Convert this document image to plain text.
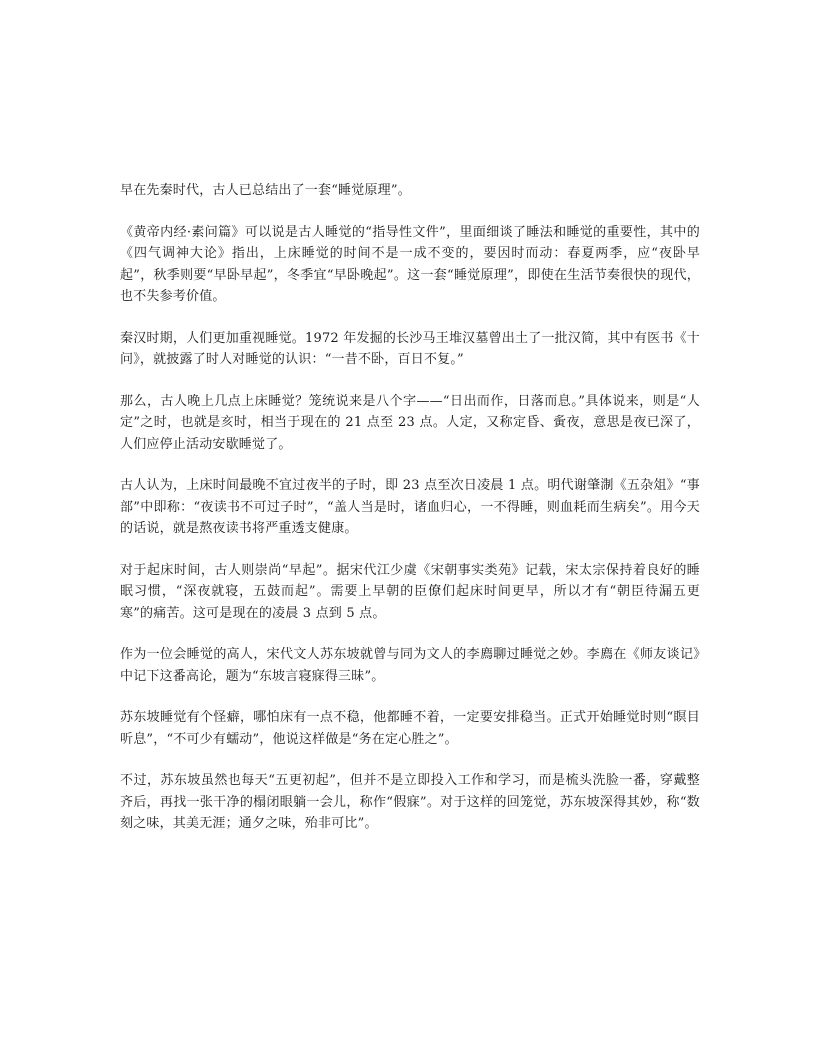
早在先秦时代，古人已总结出了一套“睡觉原理”。

《黄帝内经·素问篇》可以说是古人睡觉的“指导性文件”，里面细谈了睡法和睡觉的重要性，其中的《四气调神大论》指出，上床睡觉的时间不是一成不变的，要因时而动：春夏两季，应“夜卧早起”，秋季则要“早卧早起”，冬季宜“早卧晚起”。这一套“睡觉原理”，即使在生活节奏很快的现代，也不失参考价值。

秦汉时期，人们更加重视睡觉。1972 年发掘的长沙马王堆汉墓曾出土了一批汉简，其中有医书《十问》，就披露了时人对睡觉的认识：“一昔不卧，百日不复。”

那么，古人晚上几点上床睡觉？笼统说来是八个字——“日出而作，日落而息。”具体说来，则是“人定”之时，也就是亥时，相当于现在的 21 点至 23 点。人定，又称定昏、夤夜，意思是夜已深了，人们应停止活动安歇睡觉了。

古人认为，上床时间最晚不宜过夜半的子时，即 23 点至次日凌晨 1 点。明代谢肇淛《五杂俎》“事部”中即称：“夜读书不可过子时”，“盖人当是时，诸血归心，一不得睡，则血耗而生病矣”。用今天的话说，就是熬夜读书将严重透支健康。

对于起床时间，古人则崇尚“早起”。据宋代江少虞《宋朝事实类苑》记载，宋太宗保持着良好的睡眠习惯，“深夜就寝，五鼓而起”。需要上早朝的臣僚们起床时间更早，所以才有“朝臣待漏五更寒”的痛苦。这可是现在的凌晨 3 点到 5 点。

作为一位会睡觉的高人，宋代文人苏东坡就曾与同为文人的李廌聊过睡觉之妙。李廌在《师友谈记》中记下这番高论，题为“东坡言寝寐得三昧”。

苏东坡睡觉有个怪癖，哪怕床有一点不稳，他都睡不着，一定要安排稳当。正式开始睡觉时则“瞑目听息”，“不可少有蠕动”，他说这样做是“务在定心胜之”。

不过，苏东坡虽然也每天“五更初起”，但并不是立即投入工作和学习，而是梳头洗脸一番，穿戴整齐后，再找一张干净的榻闭眼躺一会儿，称作“假寐”。对于这样的回笼觉，苏东坡深得其妙，称“数刻之味，其美无涯；通夕之味，殆非可比”。
